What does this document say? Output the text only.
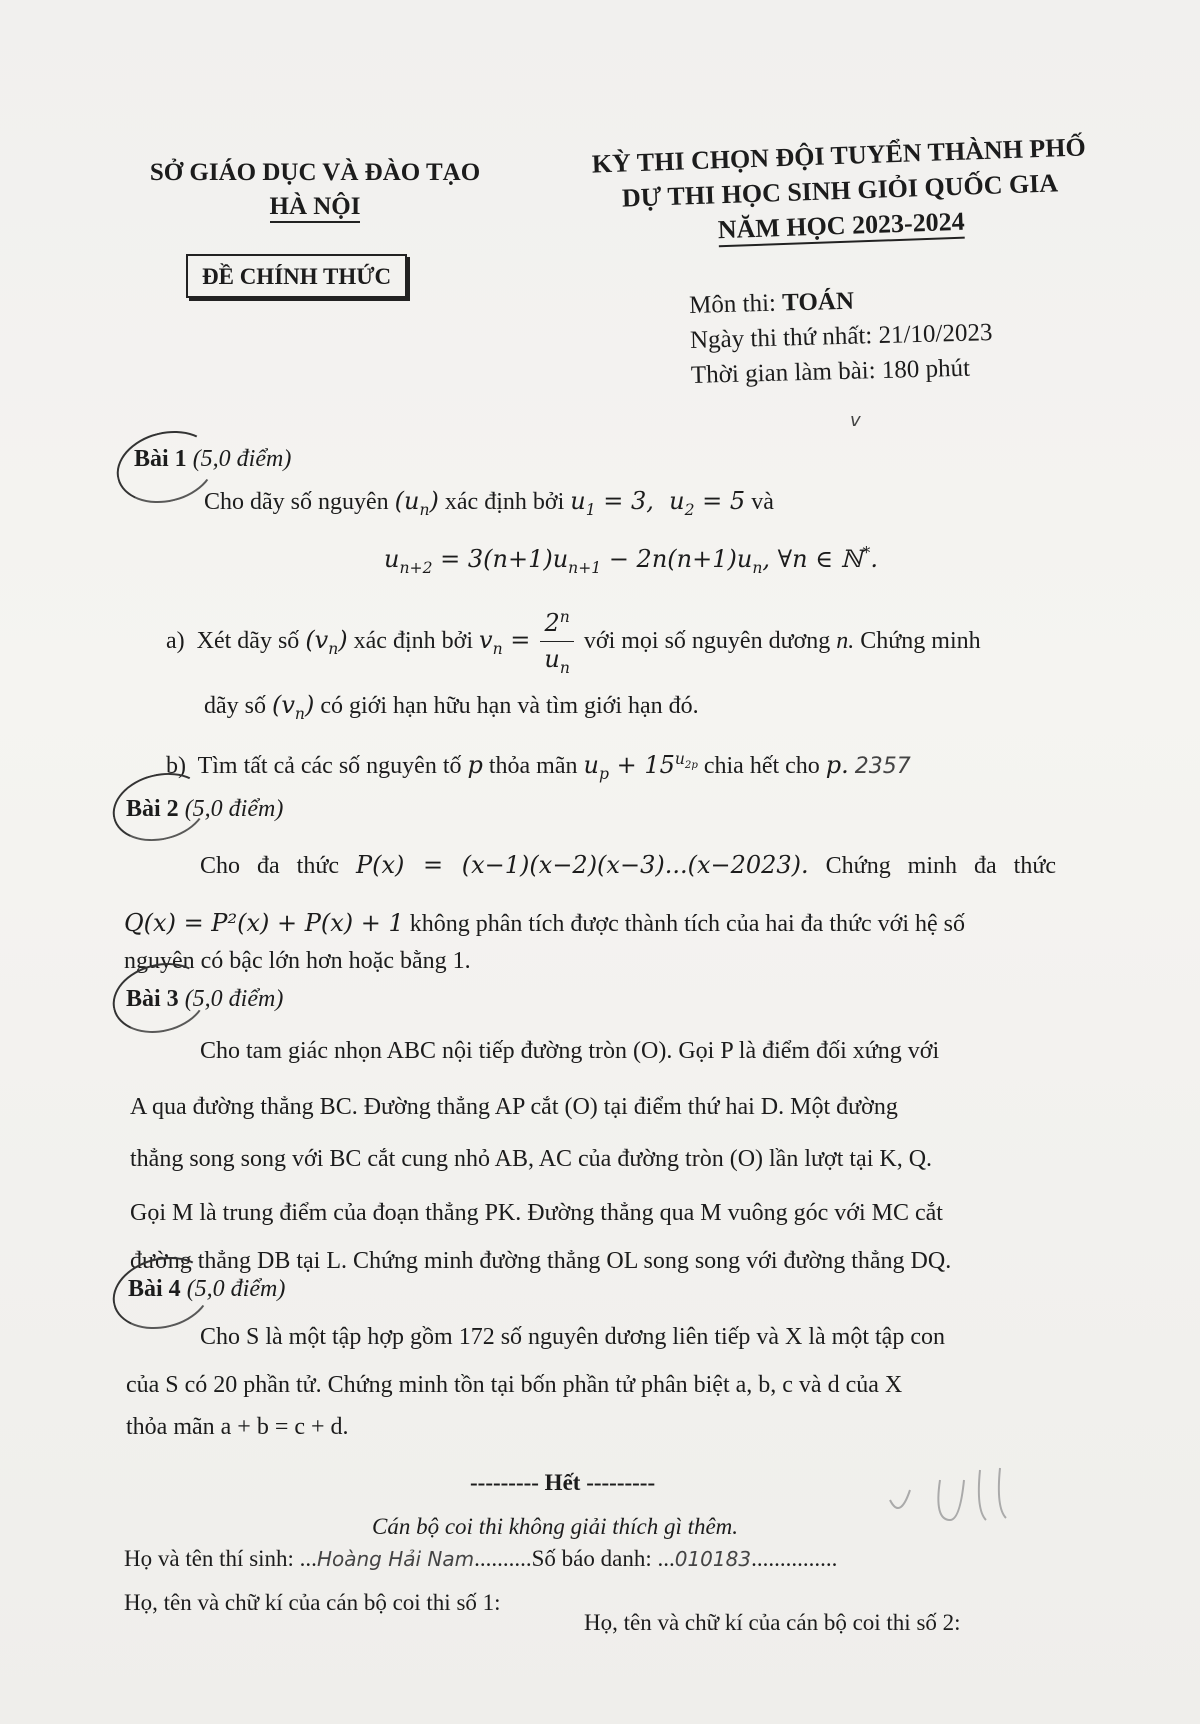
SỞ GIÁO DỤC VÀ ĐÀO TẠO
HÀ NỘI
ĐỀ CHÍNH THỨC
KỲ THI CHỌN ĐỘI TUYỂN THÀNH PHỐ
DỰ THI HỌC SINH GIỎI QUỐC GIA
NĂM HỌC 2023-2024
Môn thi: TOÁN
Ngày thi thứ nhất: 21/10/2023
Thời gian làm bài: 180 phút
v
Bài 1 (5,0 điểm)
Cho dãy số nguyên $(u_n)$ xác định bởi $u_1 = 3$,  $u_2 = 5$ và
$u_{n+2} = 3(n+1)u_{n+1} - 2n(n+1)u_n$, ∀n ∈ ℕ*.
a) Xét dãy số $(v_n)$ xác định bởi $v_n = \frac{2^n}{u_n}$ với mọi số nguyên dương n. Chứng minh
dãy số $(v_n)$ có giới hạn hữu hạn và tìm giới hạn đó.
b) Tìm tất cả các số nguyên tố p thỏa mãn $u_p + 15^{u_{2p}}$ chia hết cho p. 2357
Bài 2 (5,0 điểm)
Cho đa thức P(x) = (x−1)(x−2)(x−3)...(x−2023). Chứng minh đa thức
Q(x) = P²(x) + P(x) + 1 không phân tích được thành tích của hai đa thức với hệ số
nguyên có bậc lớn hơn hoặc bằng 1.
Bài 3 (5,0 điểm)
Cho tam giác nhọn ABC nội tiếp đường tròn (O). Gọi P là điểm đối xứng với
A qua đường thẳng BC. Đường thẳng AP cắt (O) tại điểm thứ hai D. Một đường
thẳng song song với BC cắt cung nhỏ AB, AC của đường tròn (O) lần lượt tại K, Q.
Gọi M là trung điểm của đoạn thẳng PK. Đường thẳng qua M vuông góc với MC cắt
đường thẳng DB tại L. Chứng minh đường thẳng OL song song với đường thẳng DQ.
Bài 4 (5,0 điểm)
Cho S là một tập hợp gồm 172 số nguyên dương liên tiếp và X là một tập con
của S có 20 phần tử. Chứng minh tồn tại bốn phần tử phân biệt a, b, c và d của X
thỏa mãn a + b = c + d.
--------- Hết ---------
Cán bộ coi thi không giải thích gì thêm.
Họ và tên thí sinh: ...Hoàng Hải Nam..........Số báo danh: ...010183...............
Họ, tên và chữ kí của cán bộ coi thi số 1:
Họ, tên và chữ kí của cán bộ coi thi số 2:
